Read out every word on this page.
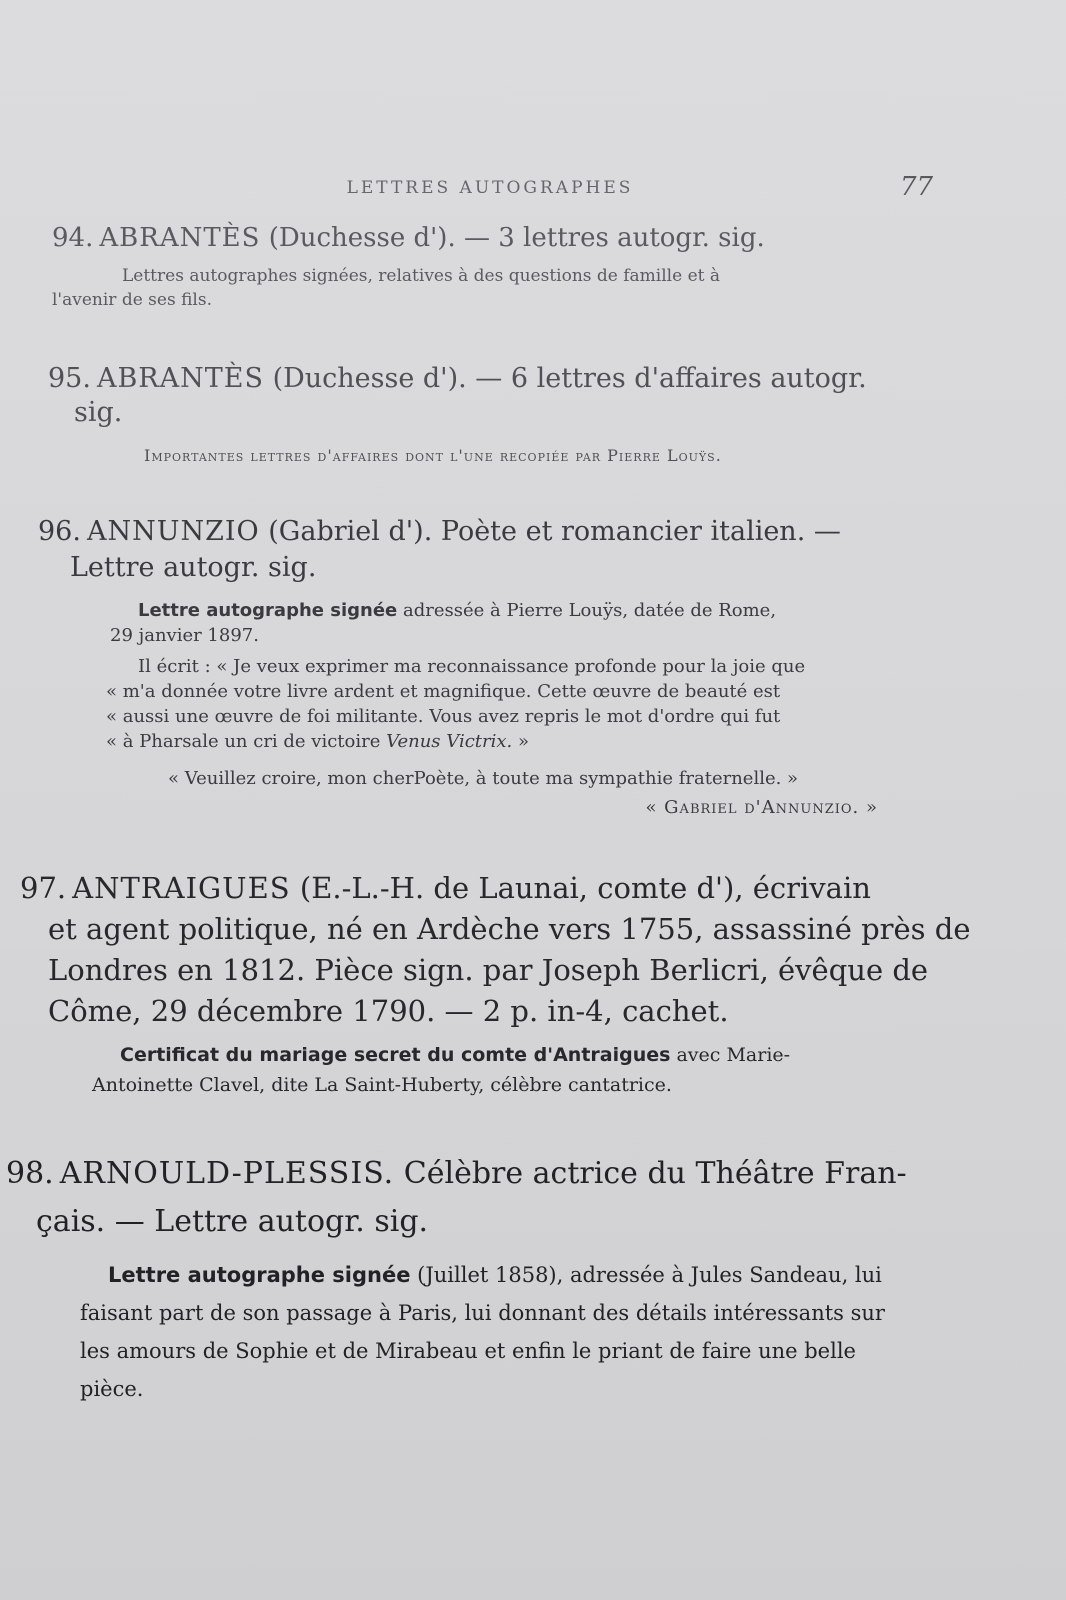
LETTRES AUTOGRAPHES	77

94. ABRANTÈS (Duchesse d'). — 3 lettres autogr. sig.

Lettres autographes signées, relatives à des questions de famille et à
l'avenir de ses fils.

95. ABRANTÈS (Duchesse d'). — 6 lettres d'affaires autogr.
sig.

Importantes lettres d'affaires dont l'une recopiée par Pierre Louÿs.

96. ANNUNZIO (Gabriel d'). Poète et romancier italien. —
Lettre autogr. sig.

Lettre autographe signée adressée à Pierre Louÿs, datée de Rome,
29 janvier 1897.

Il écrit : « Je veux exprimer ma reconnaissance profonde pour la joie que
« m'a donnée votre livre ardent et magnifique. Cette œuvre de beauté est
« aussi une œuvre de foi militante. Vous avez repris le mot d'ordre qui fut
« à Pharsale un cri de victoire Venus Victrix. »

« Veuillez croire, mon cherPoète, à toute ma sympathie fraternelle. »

« Gabriel d'Annunzio. »

97. ANTRAIGUES (E.-L.-H. de Launai, comte d'), écrivain
et agent politique, né en Ardèche vers 1755, assassiné près de
Londres en 1812. Pièce sign. par Joseph Berlicri, évêque de
Côme, 29 décembre 1790. — 2 p. in-4, cachet.

Certificat du mariage secret du comte d'Antraigues avec Marie-
Antoinette Clavel, dite La Saint-Huberty, célèbre cantatrice.

98. ARNOULD-PLESSIS. Célèbre actrice du Théâtre Fran-
çais. — Lettre autogr. sig.

Lettre autographe signée (Juillet 1858), adressée à Jules Sandeau, lui
faisant part de son passage à Paris, lui donnant des détails intéressants sur
les amours de Sophie et de Mirabeau et enfin le priant de faire une belle
pièce.
